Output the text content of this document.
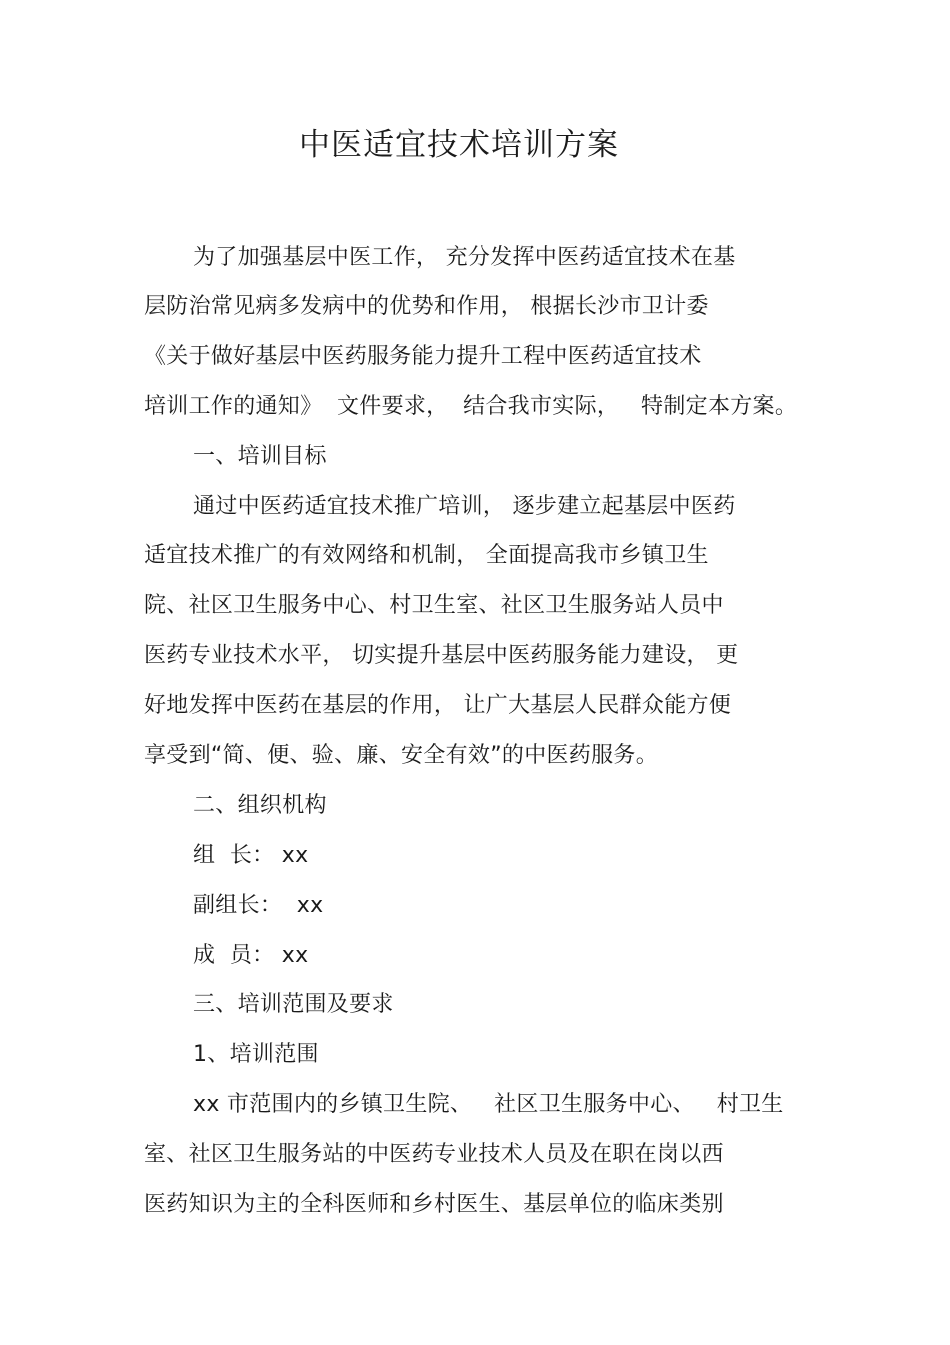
中医适宜技术培训方案
为了加强基层中医工作， 充分发挥中医药适宜技术在基
层防治常见病多发病中的优势和作用， 根据长沙市卫计委
《关于做好基层中医药服务能力提升工程中医药适宜技术
培训工作的通知》  文件要求，  结合我市实际，   特制定本方案。
一、培训目标
通过中医药适宜技术推广培训， 逐步建立起基层中医药
适宜技术推广的有效网络和机制， 全面提高我市乡镇卫生
院、社区卫生服务中心、村卫生室、社区卫生服务站人员中
医药专业技术水平， 切实提升基层中医药服务能力建设， 更
好地发挥中医药在基层的作用， 让广大基层人民群众能方便
享受到“简、便、验、廉、安全有效”的中医药服务。
二、组织机构
组  长： xx
副组长：  xx
成  员： xx
三、培训范围及要求
1、培训范围
xx 市范围内的乡镇卫生院、   社区卫生服务中心、   村卫生
室、社区卫生服务站的中医药专业技术人员及在职在岗以西
医药知识为主的全科医师和乡村医生、基层单位的临床类别
